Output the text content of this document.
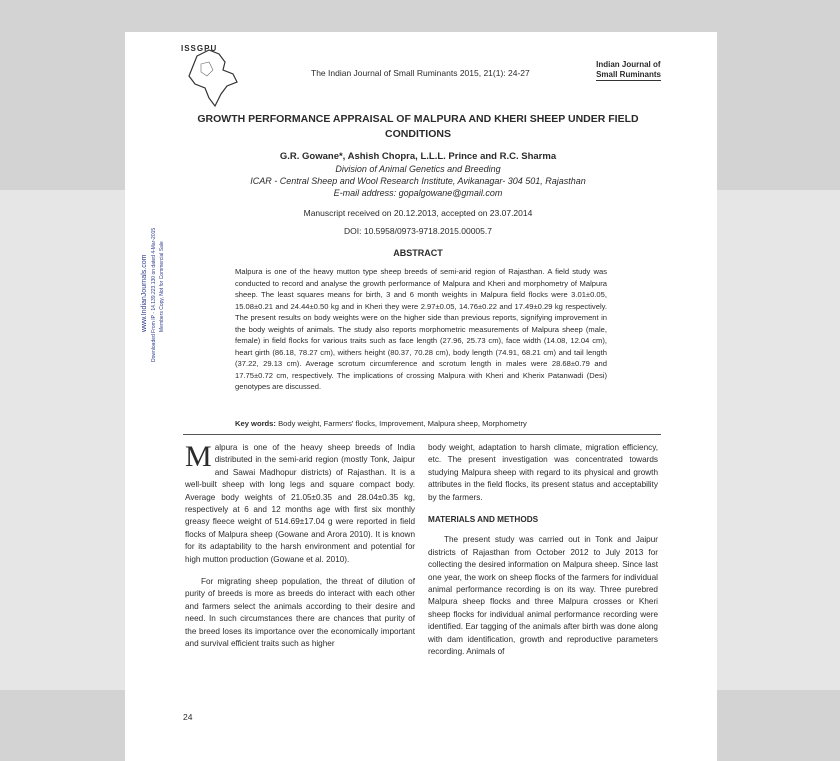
ISSGPU
The Indian Journal of Small Ruminants 2015, 21(1): 24-27
Indian Journal of
Small Ruminants
GROWTH PERFORMANCE APPRAISAL OF MALPURA AND KHERI SHEEP UNDER FIELD CONDITIONS
G.R. Gowane*, Ashish Chopra, L.L.L. Prince and R.C. Sharma
Division of Animal Genetics and Breeding
ICAR - Central Sheep and Wool Research Institute, Avikanagar- 304 501, Rajasthan
E-mail address: gopalgowane@gmail.com
Manuscript received on 20.12.2013, accepted on 23.07.2014
DOI: 10.5958/0973-9718.2015.00005.7
ABSTRACT
Malpura is one of the heavy mutton type sheep breeds of semi-arid region of Rajasthan. A field study was conducted to record and analyse the growth performance of Malpura and Kheri and morphometry of Malpura sheep. The least squares means for birth, 3 and 6 month weights in Malpura field flocks were 3.01±0.05, 15.08±0.21 and 24.44±0.50 kg and in Kheri they were 2.97±0.05, 14.76±0.22 and 17.49±0.29 kg respectively. The present results on body weights were on the higher side than previous reports, signifying improvement in the body weights of animals. The study also reports morphometric measurements of Malpura sheep (male, female) in field flocks for various traits such as face length (27.96, 25.73 cm), face width (14.08, 12.04 cm), heart girth (86.18, 78.27 cm), withers height (80.37, 70.28 cm), body length (74.91, 68.21 cm) and tail length (37.22, 29.13 cm). Average scrotum circumference and scrotum length in males were 28.68±0.79 and 17.75±0.72 cm, respectively. The implications of crossing Malpura with Kheri and Kherix Patanwadi (Desi) genotypes are discussed.
Key words: Body weight, Farmers' flocks, Improvement, Malpura sheep, Morphometry
www.IndianJournals.com Members Copy, Not for Commercial Sale
Downloaded From IP - 14.139.223.130 on dated 4-Mar-2015

Malpura is one of the heavy sheep breeds of India distributed in the semi-arid region (mostly Tonk, Jaipur and Sawai Madhopur districts) of Rajasthan. It is a well-built sheep with long legs and square compact body. Average body weights of 21.05±0.35 and 28.04±0.35 kg, respectively at 6 and 12 months age with first six monthly greasy fleece weight of 514.69±17.04 g were reported in field flocks of Malpura sheep (Gowane and Arora 2010). It is known for its adaptability to the harsh environment and potential for high mutton production (Gowane et al. 2010).

For migrating sheep population, the threat of dilution of purity of breeds is more as breeds do interact with each other and farmers select the animals according to their desire and need. In such circumstances there are chances that purity of the breed loses its importance over the economically important and survival efficient traits such as higher

body weight, adaptation to harsh climate, migration efficiency, etc. The present investigation was concentrated towards studying Malpura sheep with regard to its physical and growth attributes in the field flocks, its present status and acceptability by the farmers.

MATERIALS AND METHODS

The present study was carried out in Tonk and Jaipur districts of Rajasthan from October 2012 to July 2013 for collecting the desired information on Malpura sheep. Since last one year, the work on sheep flocks of the farmers for individual animal performance recording is on its way. Three purebred Malpura sheep flocks and three Malpura crosses or Kheri sheep flocks for individual animal performance recording were identified. Ear tagging of the animals after birth was done along with dam identification, growth and reproductive parameters recording. Animals of

24
